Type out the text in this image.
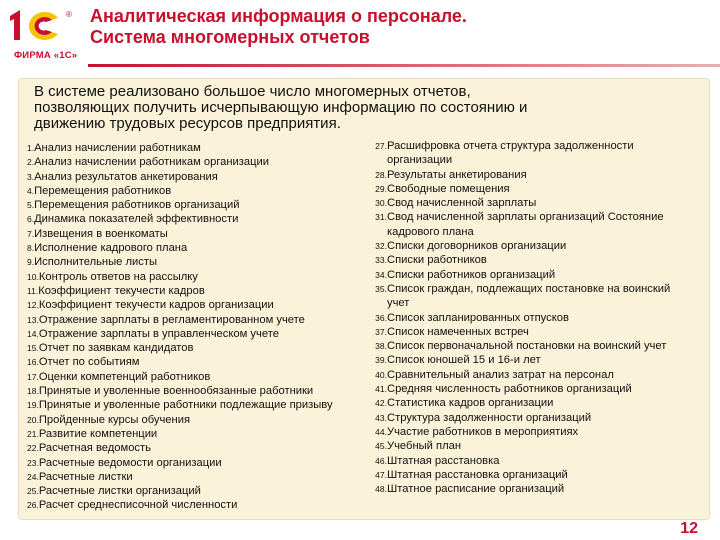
®
ФИРМА «1С»
Аналитическая информация о персонале.
Система многомерных отчетов
В системе реализовано большое число многомерных отчетов, позволяющих получить исчерпывающую информацию по состоянию и движению трудовых ресурсов предприятия.
1. Анализ начислении работникам
2. Анализ начислении работникам организации
3. Анализ результатов анкетирования
4. Перемещения работников
5. Перемещения работников организаций
6. Динамика показателей эффективности
7. Извещения в военкоматы
8. Исполнение кадрового плана
9. Исполнительные листы
10. Контроль ответов на рассылку
11. Коэффициент текучести кадров
12. Коэффициент текучести кадров организации
13. Отражение зарплаты в регламентированном учете
14. Отражение зарплаты в управленческом учете
15. Отчет по заявкам кандидатов
16. Отчет по событиям
17. Оценки компетенций работников
18. Принятые и уволенные военнообязанные работники
19. Принятые и уволенные работники подлежащие призыву
20. Пройденные курсы обучения
21. Развитие компетенции
22. Расчетная ведомость
23. Расчетные ведомости организации
24. Расчетные листки
25. Расчетные листки организаций
26. Расчет среднесписочной численности
27. Расшифровка отчета структура задолженности организации
28. Результаты анкетирования
29. Свободные помещения
30. Свод начисленной зарплаты
31. Свод начисленной зарплаты организаций Состояние кадрового плана
32. Списки договорников организации
33. Списки работников
34. Списки работников организаций
35. Список граждан, подлежащих постановке на воинский учет
36. Список запланированных отпусков
37. Список намеченных встреч
38. Список первоначальной постановки на воинский учет
39. Список юношей 15 и 16-и лет
40. Сравнительный анализ затрат на персонал
41. Средняя численность работников организаций
42. Статистика кадров организации
43. Структура задолженности организаций
44. Участие работников в мероприятиях
45. Учебный план
46. Штатная расстановка
47. Штатная расстановка организаций
48. Штатное расписание организаций
12
